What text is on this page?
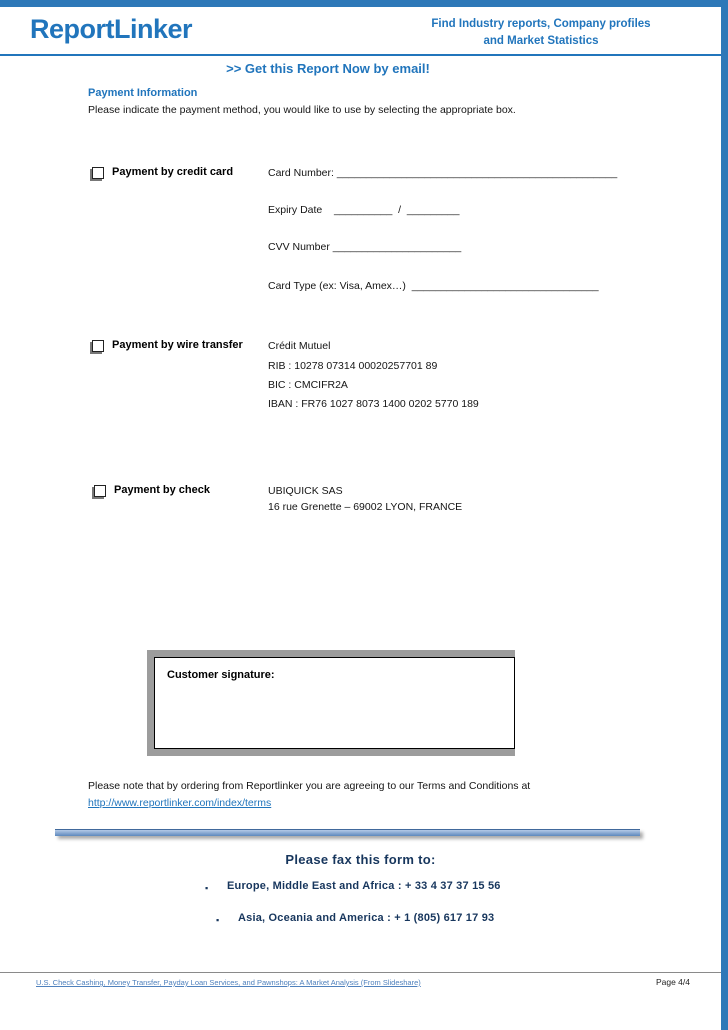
ReportLinker	Find Industry reports, Company profiles
and Market Statistics
>> Get this Report Now by email!
Payment Information
Please indicate the payment method, you would like to use by selecting the appropriate box.
Payment by credit card	Card Number: ________________________________________________
Expiry Date    __________  /  _________
CVV Number ______________________
Card Type (ex: Visa, Amex…)  ________________________________
Payment by wire transfer Crédit Mutuel
RIB : 10278 07314 00020257701 89
BIC : CMCIFR2A
IBAN : FR76 1027 8073 1400 0202 5770 189
Payment by check	UBIQUICK SAS
16 rue Grenette – 69002 LYON, FRANCE
Customer signature:
Please note that by ordering from Reportlinker you are agreeing to our Terms and Conditions at
http://www.reportlinker.com/index/terms
Please fax this form to:
▪ Europe, Middle East and Africa : + 33 4 37 37 15 56
▪ Asia, Oceania and America : + 1 (805) 617 17 93
U.S. Check Cashing, Money Transfer, Payday Loan Services, and Pawnshops: A Market Analysis (From Slideshare)	Page 4/4
